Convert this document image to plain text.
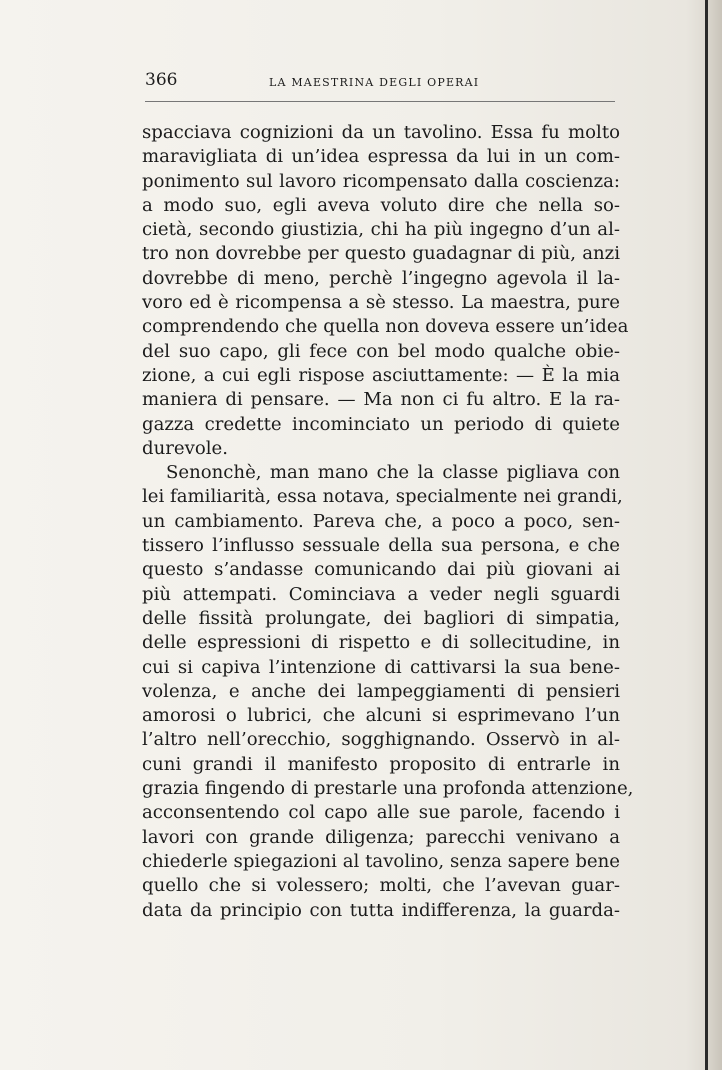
366	LA MAESTRINA DEGLI OPERAI
spacciava cognizioni da un tavolino. Essa fu molto
maravigliata di un’idea espressa da lui in un com-
ponimento sul lavoro ricompensato dalla coscienza:
a modo suo, egli aveva voluto dire che nella so-
cietà, secondo giustizia, chi ha più ingegno d’un al-
tro non dovrebbe per questo guadagnar di più, anzi
dovrebbe di meno, perchè l’ingegno agevola il la-
voro ed è ricompensa a sè stesso. La maestra, pure
comprendendo che quella non doveva essere un’idea
del suo capo, gli fece con bel modo qualche obie-
zione, a cui egli rispose asciuttamente: — È la mia
maniera di pensare. — Ma non ci fu altro. E la ra-
gazza credette incominciato un periodo di quiete
durevole.
Senonchè, man mano che la classe pigliava con
lei familiarità, essa notava, specialmente nei grandi,
un cambiamento. Pareva che, a poco a poco, sen-
tissero l’influsso sessuale della sua persona, e che
questo s’andasse comunicando dai più giovani ai
più attempati. Cominciava a veder negli sguardi
delle fissità prolungate, dei bagliori di simpatia,
delle espressioni di rispetto e di sollecitudine, in
cui si capiva l’intenzione di cattivarsi la sua bene-
volenza, e anche dei lampeggiamenti di pensieri
amorosi o lubrici, che alcuni si esprimevano l’un
l’altro nell’orecchio, sogghignando. Osservò in al-
cuni grandi il manifesto proposito di entrarle in
grazia fingendo di prestarle una profonda attenzione,
acconsentendo col capo alle sue parole, facendo i
lavori con grande diligenza; parecchi venivano a
chiederle spiegazioni al tavolino, senza sapere bene
quello che si volessero; molti, che l’avevan guar-
data da principio con tutta indifferenza, la guarda-
